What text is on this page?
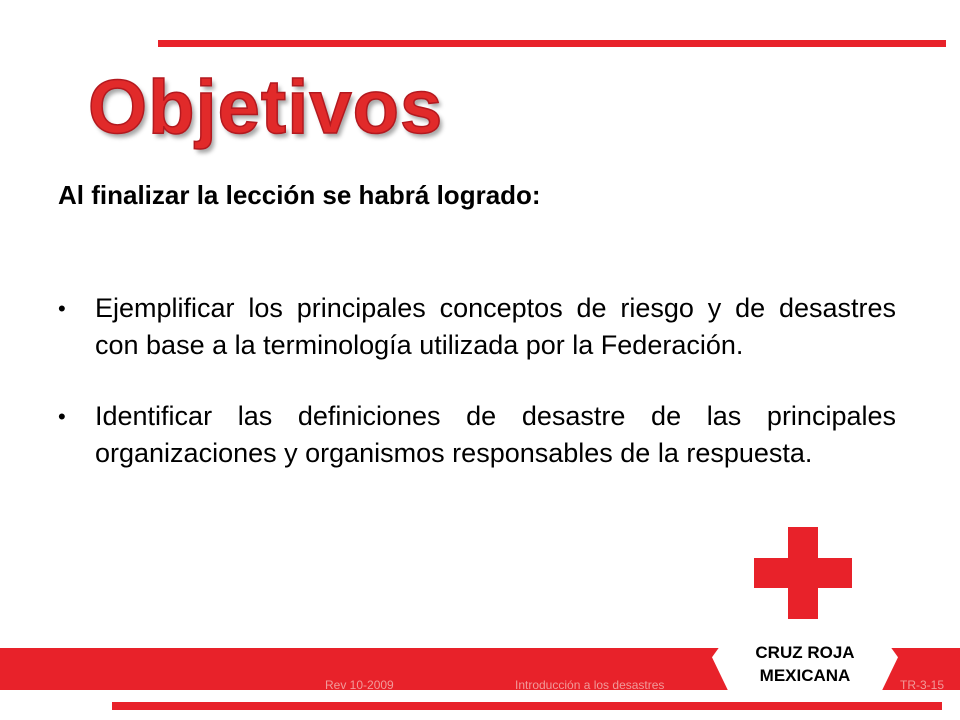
Objetivos
Al finalizar la lección se habrá logrado:
• Ejemplificar los principales conceptos de riesgo y de desastres con base a la terminología utilizada por la Federación.
• Identificar las definiciones de desastre de las principales organizaciones y organismos responsables de la respuesta.
Rev 10-2009	Introducción a los desastres	TR-3-15
CRUZ ROJA
MEXICANA
